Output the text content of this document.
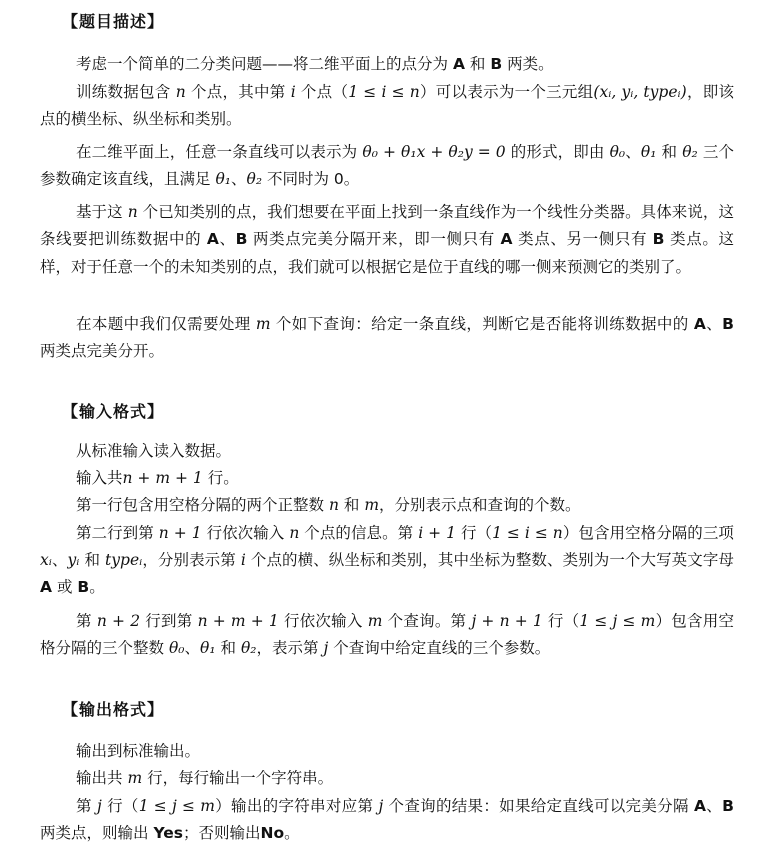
【题目描述】
考虑一个简单的二分类问题——将二维平面上的点分为 A 和 B 两类。
训练数据包含 n 个点，其中第 i 个点（1 ≤ i ≤ n）可以表示为一个三元组(xᵢ, yᵢ, typeᵢ)，即该点的横坐标、纵坐标和类别。
在二维平面上，任意一条直线可以表示为 θ₀ + θ₁x + θ₂y = 0 的形式，即由 θ₀、θ₁ 和 θ₂ 三个参数确定该直线，且满足 θ₁、θ₂ 不同时为 0。
基于这 n 个已知类别的点，我们想要在平面上找到一条直线作为一个线性分类器。具体来说，这条线要把训练数据中的 A、B 两类点完美分隔开来，即一侧只有 A 类点、另一侧只有 B 类点。这样，对于任意一个的未知类别的点，我们就可以根据它是位于直线的哪一侧来预测它的类别了。
在本题中我们仅需要处理 m 个如下查询：给定一条直线，判断它是否能将训练数据中的 A、B 两类点完美分开。
【输入格式】
从标准输入读入数据。
输入共n + m + 1 行。
第一行包含用空格分隔的两个正整数 n 和 m，分别表示点和查询的个数。
第二行到第 n + 1 行依次输入 n 个点的信息。第 i + 1 行（1 ≤ i ≤ n）包含用空格分隔的三项 xᵢ、yᵢ 和 typeᵢ，分别表示第 i 个点的横、纵坐标和类别，其中坐标为整数、类别为一个大写英文字母 A 或 B。
第 n + 2 行到第 n + m + 1 行依次输入 m 个查询。第 j + n + 1 行（1 ≤ j ≤ m）包含用空格分隔的三个整数 θ₀、θ₁ 和 θ₂，表示第 j 个查询中给定直线的三个参数。
【输出格式】
输出到标准输出。
输出共 m 行，每行输出一个字符串。
第 j 行（1 ≤ j ≤ m）输出的字符串对应第 j 个查询的结果：如果给定直线可以完美分隔 A、B 两类点，则输出 Yes；否则输出No。
